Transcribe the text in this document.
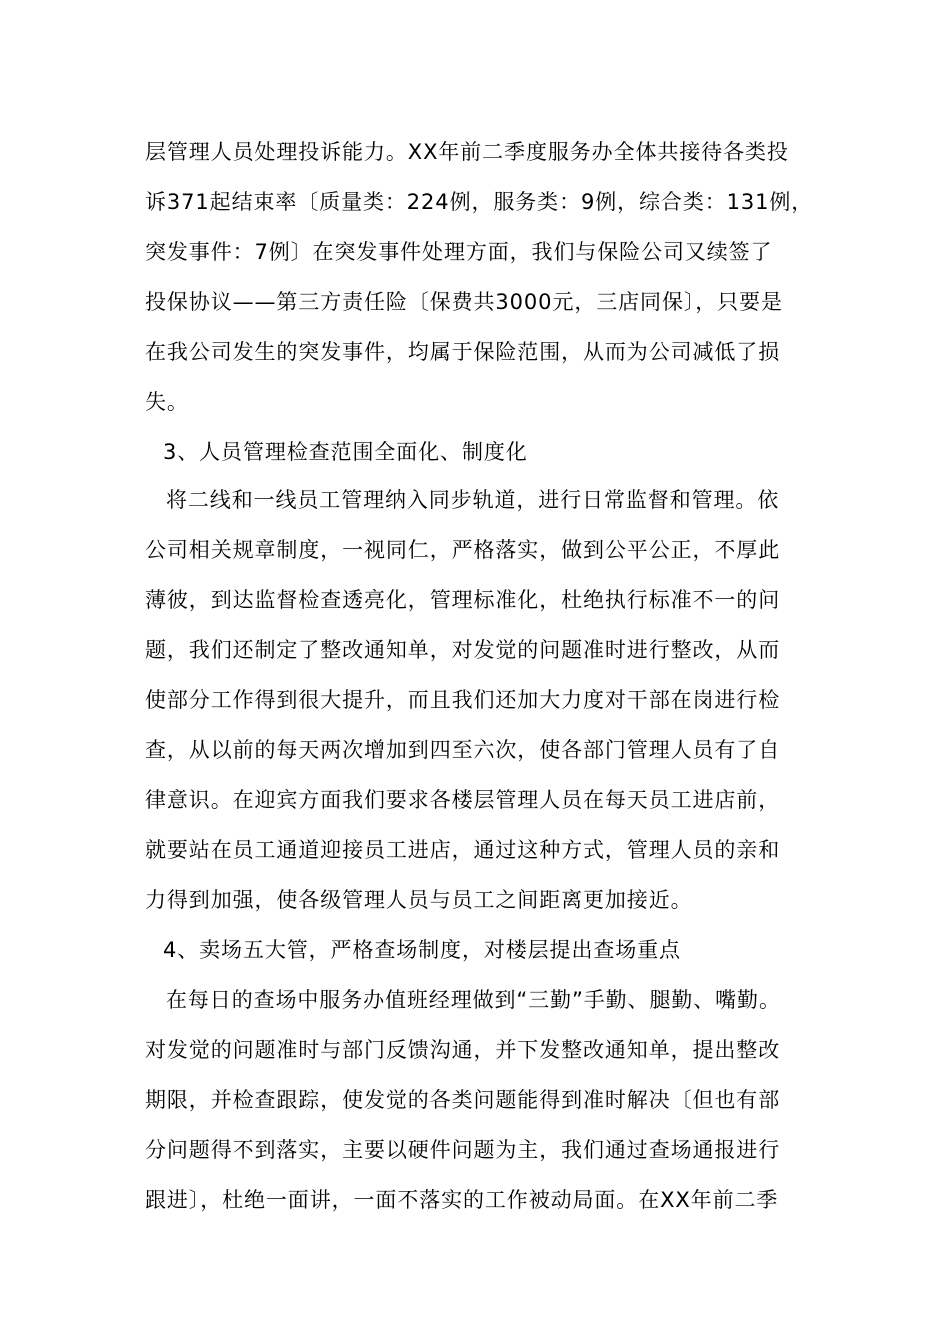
层管理人员处理投诉能力。XX年前二季度服务办全体共接待各类投
诉371起结束率〔质量类：224例，服务类：9例，综合类：131例，
突发事件：7例〕在突发事件处理方面，我们与保险公司又续签了
投保协议——第三方责任险〔保费共3000元，三店同保〕，只要是
在我公司发生的突发事件，均属于保险范围，从而为公司减低了损
失。
3、人员管理检查范围全面化、制度化
将二线和一线员工管理纳入同步轨道，进行日常监督和管理。依
公司相关规章制度，一视同仁，严格落实，做到公平公正，不厚此
薄彼，到达监督检查透亮化，管理标准化，杜绝执行标准不一的问
题，我们还制定了整改通知单，对发觉的问题准时进行整改，从而
使部分工作得到很大提升，而且我们还加大力度对干部在岗进行检
查，从以前的每天两次增加到四至六次，使各部门管理人员有了自
律意识。在迎宾方面我们要求各楼层管理人员在每天员工进店前，
就要站在员工通道迎接员工进店，通过这种方式，管理人员的亲和
力得到加强，使各级管理人员与员工之间距离更加接近。
4、卖场五大管，严格查场制度，对楼层提出查场重点
在每日的查场中服务办值班经理做到“三勤”手勤、腿勤、嘴勤。
对发觉的问题准时与部门反馈沟通，并下发整改通知单，提出整改
期限，并检查跟踪，使发觉的各类问题能得到准时解决〔但也有部
分问题得不到落实，主要以硬件问题为主，我们通过查场通报进行
跟进〕，杜绝一面讲，一面不落实的工作被动局面。在XX年前二季
